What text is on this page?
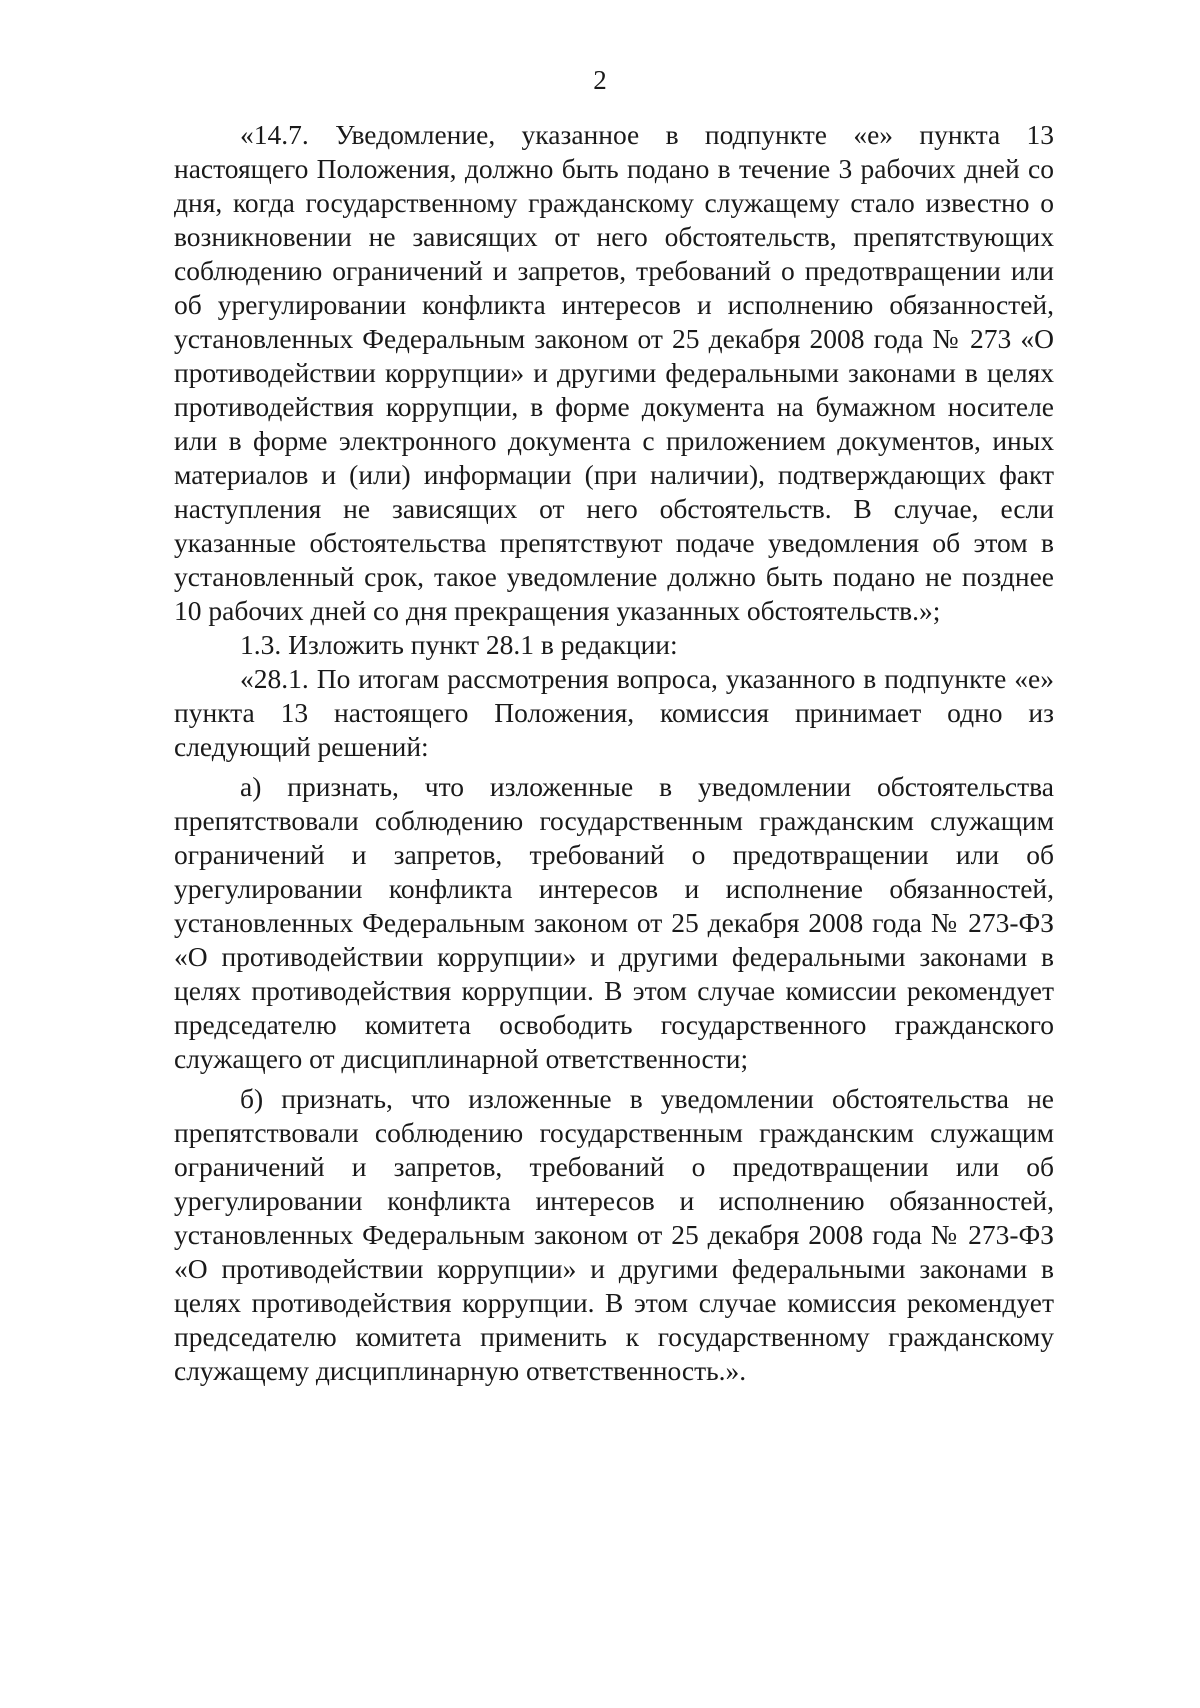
2

«14.7. Уведомление, указанное в подпункте «е» пункта 13 настоящего Положения, должно быть подано в течение 3 рабочих дней со дня, когда государственному гражданскому служащему стало известно о возникновении не зависящих от него обстоятельств, препятствующих соблюдению ограничений и запретов, требований о предотвращении или об урегулировании конфликта интересов и исполнению обязанностей, установленных Федеральным законом от 25 декабря 2008 года № 273 «О противодействии коррупции» и другими федеральными законами в целях противодействия коррупции, в форме документа на бумажном носителе или в форме электронного документа с приложением документов, иных материалов и (или) информации (при наличии), подтверждающих факт наступления не зависящих от него обстоятельств. В случае, если указанные обстоятельства препятствуют подаче уведомления об этом в установленный срок, такое уведомление должно быть подано не позднее 10 рабочих дней со дня прекращения указанных обстоятельств.»;

1.3. Изложить пункт 28.1 в редакции:

«28.1. По итогам рассмотрения вопроса, указанного в подпункте «е» пункта 13 настоящего Положения, комиссия принимает одно из следующий решений:

а) признать, что изложенные в уведомлении обстоятельства препятствовали соблюдению государственным гражданским служащим ограничений и запретов, требований о предотвращении или об урегулировании конфликта интересов и исполнение обязанностей, установленных Федеральным законом от 25 декабря 2008 года № 273-ФЗ «О противодействии коррупции» и другими федеральными законами в целях противодействия коррупции. В этом случае комиссии рекомендует председателю комитета освободить государственного гражданского служащего от дисциплинарной ответственности;

б) признать, что изложенные в уведомлении обстоятельства не препятствовали соблюдению государственным гражданским служащим ограничений и запретов, требований о предотвращении или об урегулировании конфликта интересов и исполнению обязанностей, установленных Федеральным законом от 25 декабря 2008 года № 273-ФЗ «О противодействии коррупции» и другими федеральными законами в целях противодействия коррупции. В этом случае комиссия рекомендует председателю комитета применить к государственному гражданскому служащему дисциплинарную ответственность.».
